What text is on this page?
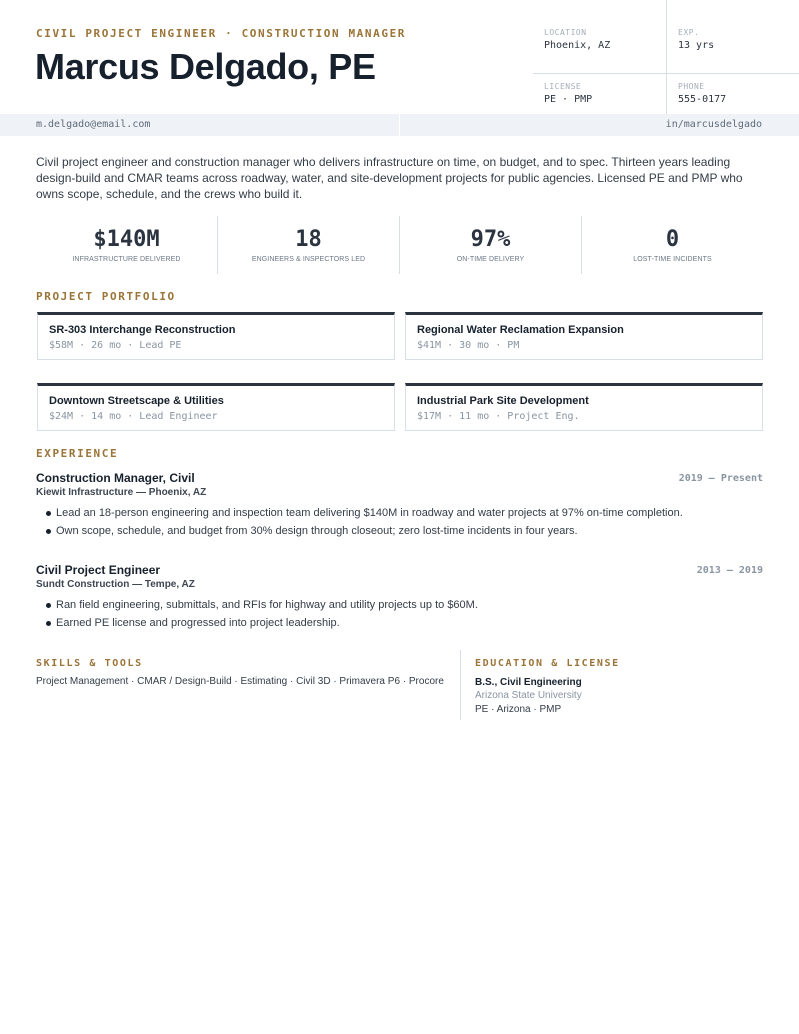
CIVIL PROJECT ENGINEER · CONSTRUCTION MANAGER
Marcus Delgado, PE
LOCATION
Phoenix, AZ
EXP.
13 yrs
LICENSE
PE · PMP
PHONE
555-0177
m.delgado@email.com	in/marcusdelgado
Civil project engineer and construction manager who delivers infrastructure on time, on budget, and to spec. Thirteen years leading design-build and CMAR teams across roadway, water, and site-development projects for public agencies. Licensed PE and PMP who owns scope, schedule, and the crews who build it.
$140M
INFRASTRUCTURE DELIVERED
18
ENGINEERS & INSPECTORS LED
97%
ON-TIME DELIVERY
0
LOST-TIME INCIDENTS
PROJECT PORTFOLIO
SR-303 Interchange Reconstruction
$58M · 26 mo · Lead PE
Regional Water Reclamation Expansion
$41M · 30 mo · PM
Downtown Streetscape & Utilities
$24M · 14 mo · Lead Engineer
Industrial Park Site Development
$17M · 11 mo · Project Eng.
EXPERIENCE
Construction Manager, Civil
Kiewit Infrastructure — Phoenix, AZ
2019 — Present
Lead an 18-person engineering and inspection team delivering $140M in roadway and water projects at 97% on-time completion.
Own scope, schedule, and budget from 30% design through closeout; zero lost-time incidents in four years.
Civil Project Engineer
Sundt Construction — Tempe, AZ
2013 — 2019
Ran field engineering, submittals, and RFIs for highway and utility projects up to $60M.
Earned PE license and progressed into project leadership.
SKILLS & TOOLS
Project Management · CMAR / Design-Build · Estimating · Civil 3D · Primavera P6 · Procore
EDUCATION & LICENSE
B.S., Civil Engineering
Arizona State University
PE · Arizona · PMP
